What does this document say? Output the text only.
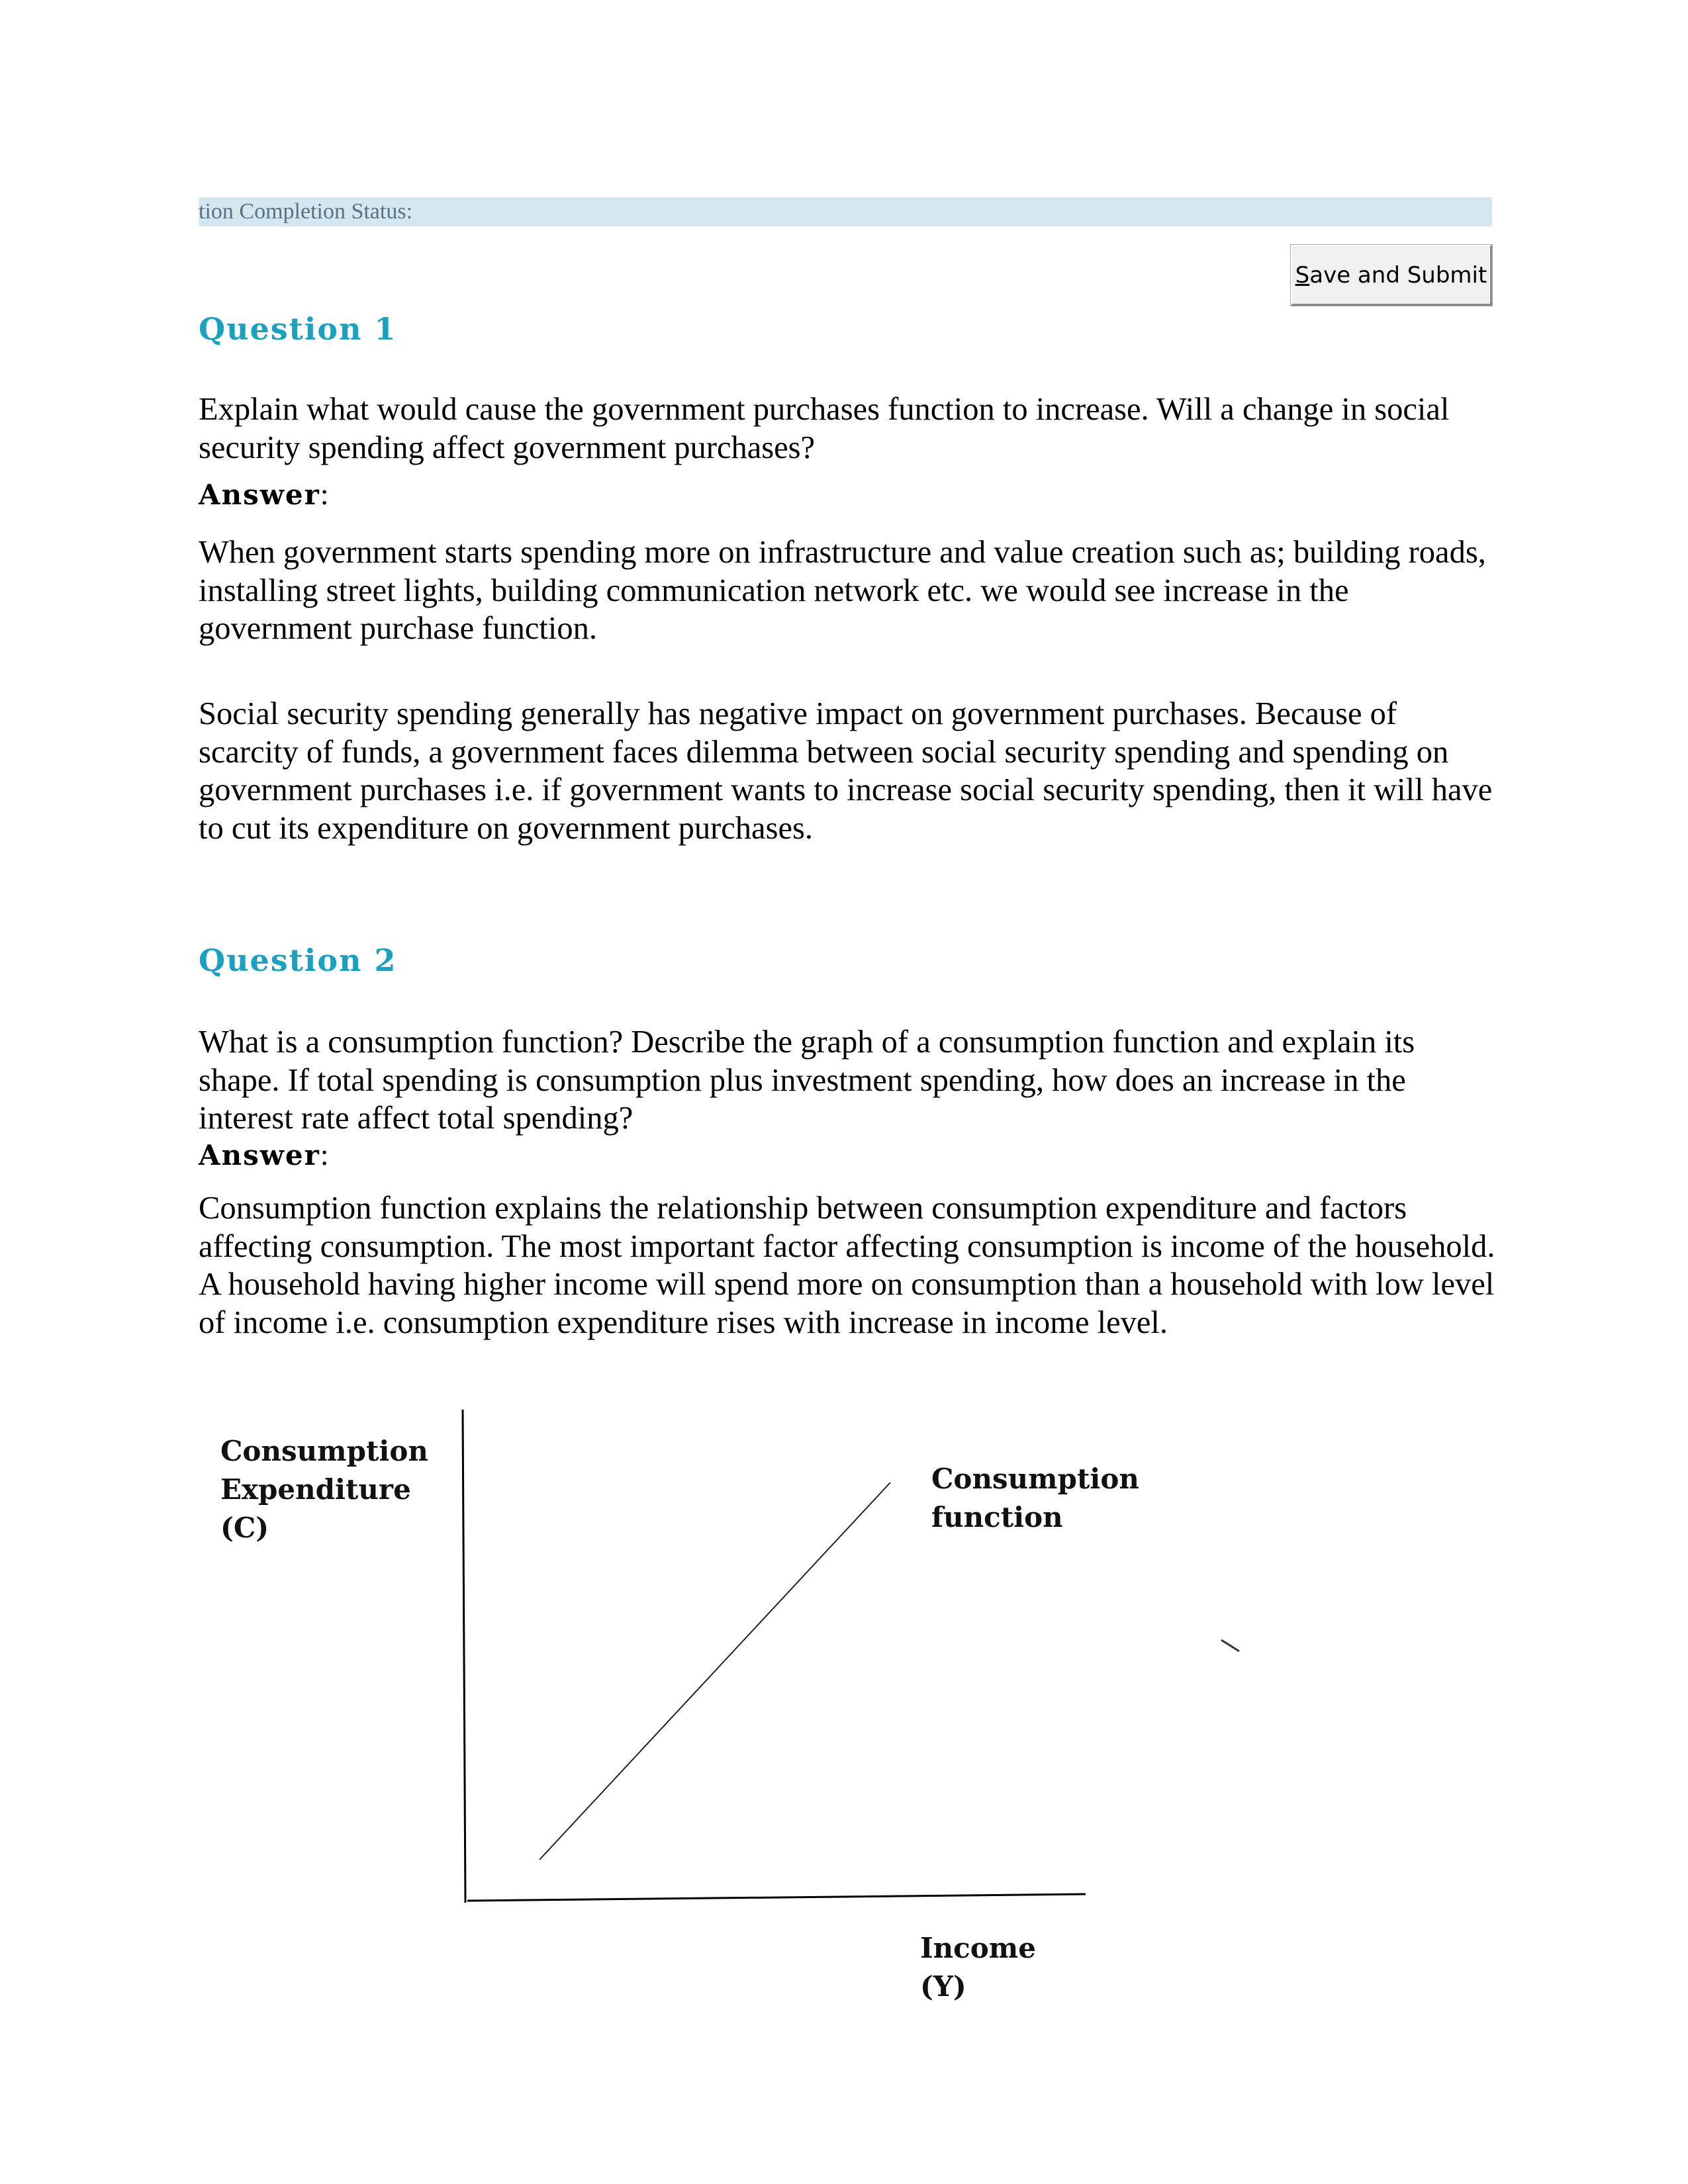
tion Completion Status:
S ave and Submit
Question 1

Explain what would cause the government purchases function to increase. Will a change in social security spending affect government purchases?

Answer:

When government starts spending more on infrastructure and value creation such as; building roads, installing street lights, building communication network etc. we would see increase in the government purchase function.

Social security spending generally has negative impact on government purchases. Because of scarcity of funds, a government faces dilemma between social security spending and spending on government purchases i.e. if government wants to increase social security spending, then it will have to cut its expenditure on government purchases.

Question 2

What is a consumption function? Describe the graph of a consumption function and explain its shape. If total spending is consumption plus investment spending, how does an increase in the interest rate affect total spending?

Answer:

Consumption function explains the relationship between consumption expenditure and factors affecting consumption. The most important factor affecting consumption is income of the household. A household having higher income will spend more on consumption than a household with low level of income i.e. consumption expenditure rises with increase in income level.

Consumption
Expenditure (C)
Consumption function
Income (Y)
